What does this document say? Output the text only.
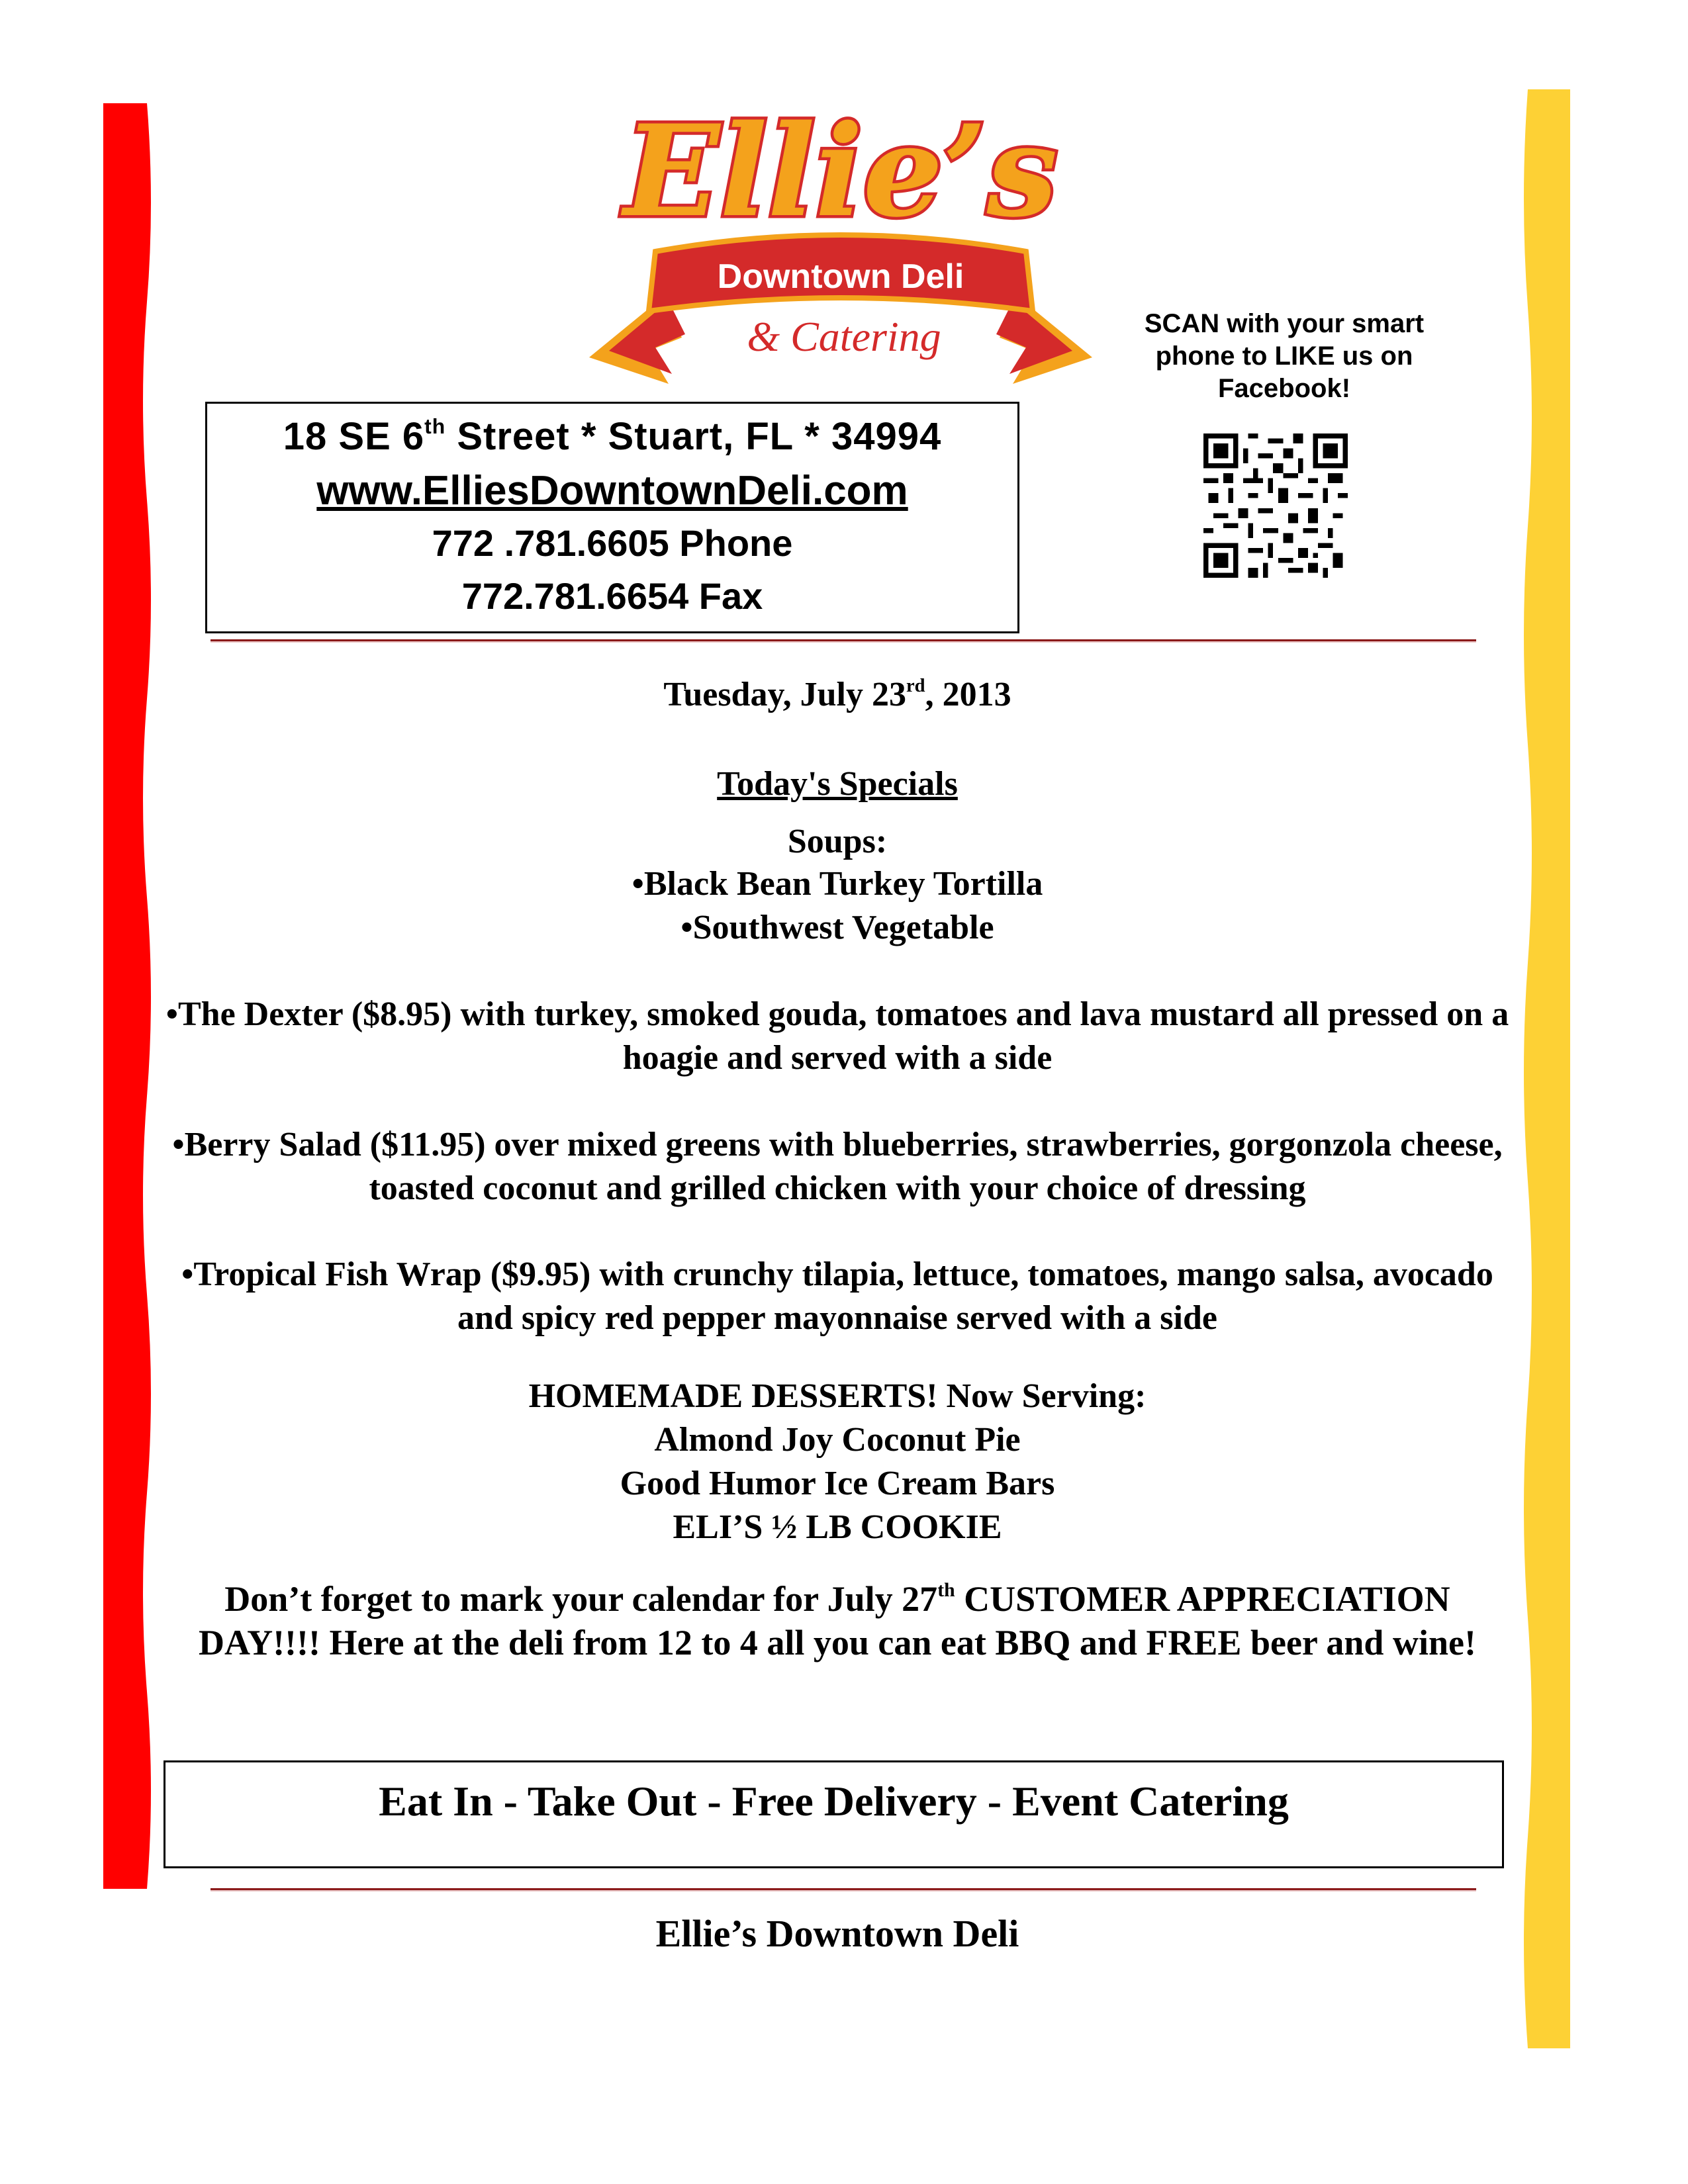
Downtown Deli
Ellie’s
& Catering
18 SE 6th Street * Stuart, FL * 34994
www.ElliesDowntownDeli.com
772 .781.6605 Phone
772.781.6654 Fax
SCAN with your smart phone to LIKE us on Facebook!
Tuesday, July 23rd, 2013
Today's Specials
Soups:
•Black Bean Turkey Tortilla
•Southwest Vegetable
•The Dexter ($8.95) with turkey, smoked gouda, tomatoes and lava mustard all pressed on a hoagie and served with a side
•Berry Salad ($11.95) over mixed greens with blueberries, strawberries, gorgonzola cheese, toasted coconut and grilled chicken with your choice of dressing
•Tropical Fish Wrap ($9.95) with crunchy tilapia, lettuce, tomatoes, mango salsa, avocado and spicy red pepper mayonnaise served with a side
HOMEMADE DESSERTS! Now Serving:
Almond Joy Coconut Pie
Good Humor Ice Cream Bars
ELI’S ½ LB COOKIE
Don’t forget to mark your calendar for July 27th CUSTOMER APPRECIATION DAY!!!! Here at the deli from 12 to 4 all you can eat BBQ and FREE beer and wine!
Eat In - Take Out - Free Delivery - Event Catering
Ellie’s Downtown Deli
